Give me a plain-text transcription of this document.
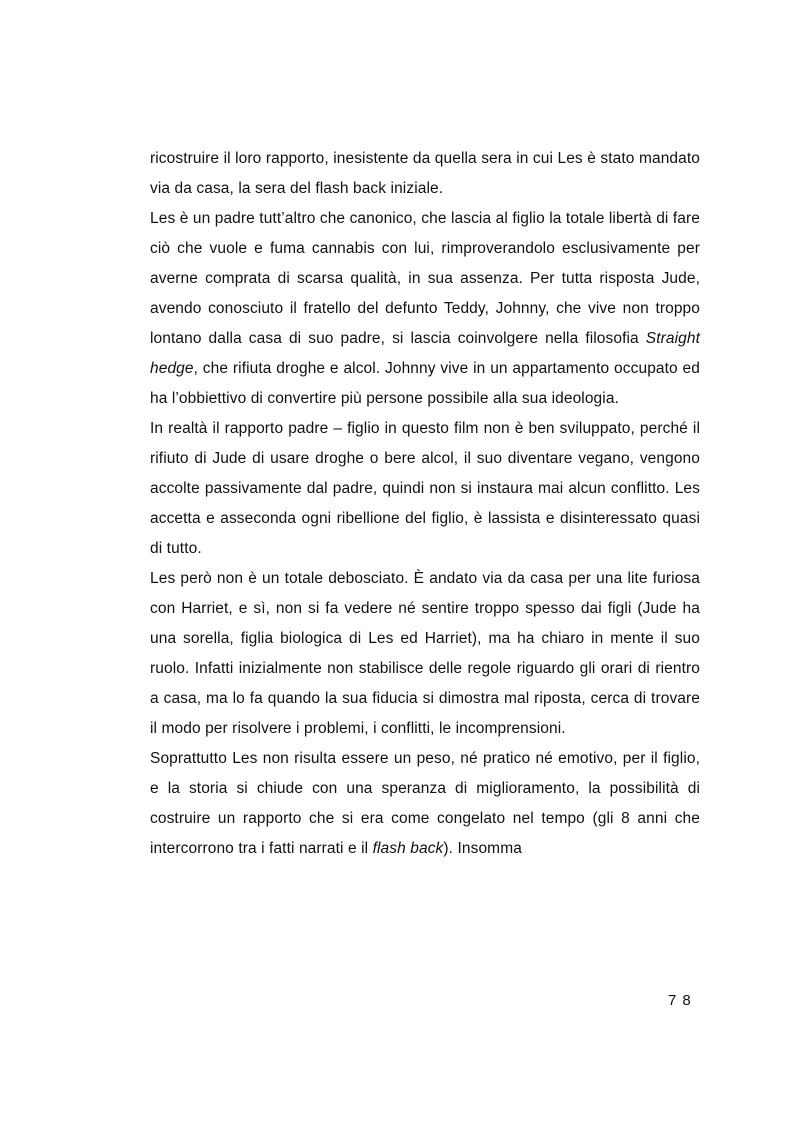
ricostruire il loro rapporto, inesistente da quella sera in cui Les è stato mandato via da casa, la sera del flash back iniziale.

Les è un padre tutt’altro che canonico, che lascia al figlio la totale libertà di fare ciò che vuole e fuma cannabis con lui, rimproverandolo esclusivamente per averne comprata di scarsa qualità, in sua assenza. Per tutta risposta Jude, avendo conosciuto il fratello del defunto Teddy, Johnny, che vive non troppo lontano dalla casa di suo padre, si lascia coinvolgere nella filosofia Straight hedge, che rifiuta droghe e alcol. Johnny vive in un appartamento occupato ed ha l’obbiettivo di convertire più persone possibile alla sua ideologia.

In realtà il rapporto padre – figlio in questo film non è ben sviluppato, perché il rifiuto di Jude di usare droghe o bere alcol, il suo diventare vegano, vengono accolte passivamente dal padre, quindi non si instaura mai alcun conflitto. Les accetta e asseconda ogni ribellione del figlio, è lassista e disinteressato quasi di tutto.

Les però non è un totale debosciato. È andato via da casa per una lite furiosa con Harriet, e sì, non si fa vedere né sentire troppo spesso dai figli (Jude ha una sorella, figlia biologica di Les ed Harriet), ma ha chiaro in mente il suo ruolo. Infatti inizialmente non stabilisce delle regole riguardo gli orari di rientro a casa, ma lo fa quando la sua fiducia si dimostra mal riposta, cerca di trovare il modo per risolvere i problemi, i conflitti, le incomprensioni.

Soprattutto Les non risulta essere un peso, né pratico né emotivo, per il figlio, e la storia si chiude con una speranza di miglioramento, la possibilità di costruire un rapporto che si era come congelato nel tempo (gli 8 anni che intercorrono tra i fatti narrati e il flash back). Insomma

78
